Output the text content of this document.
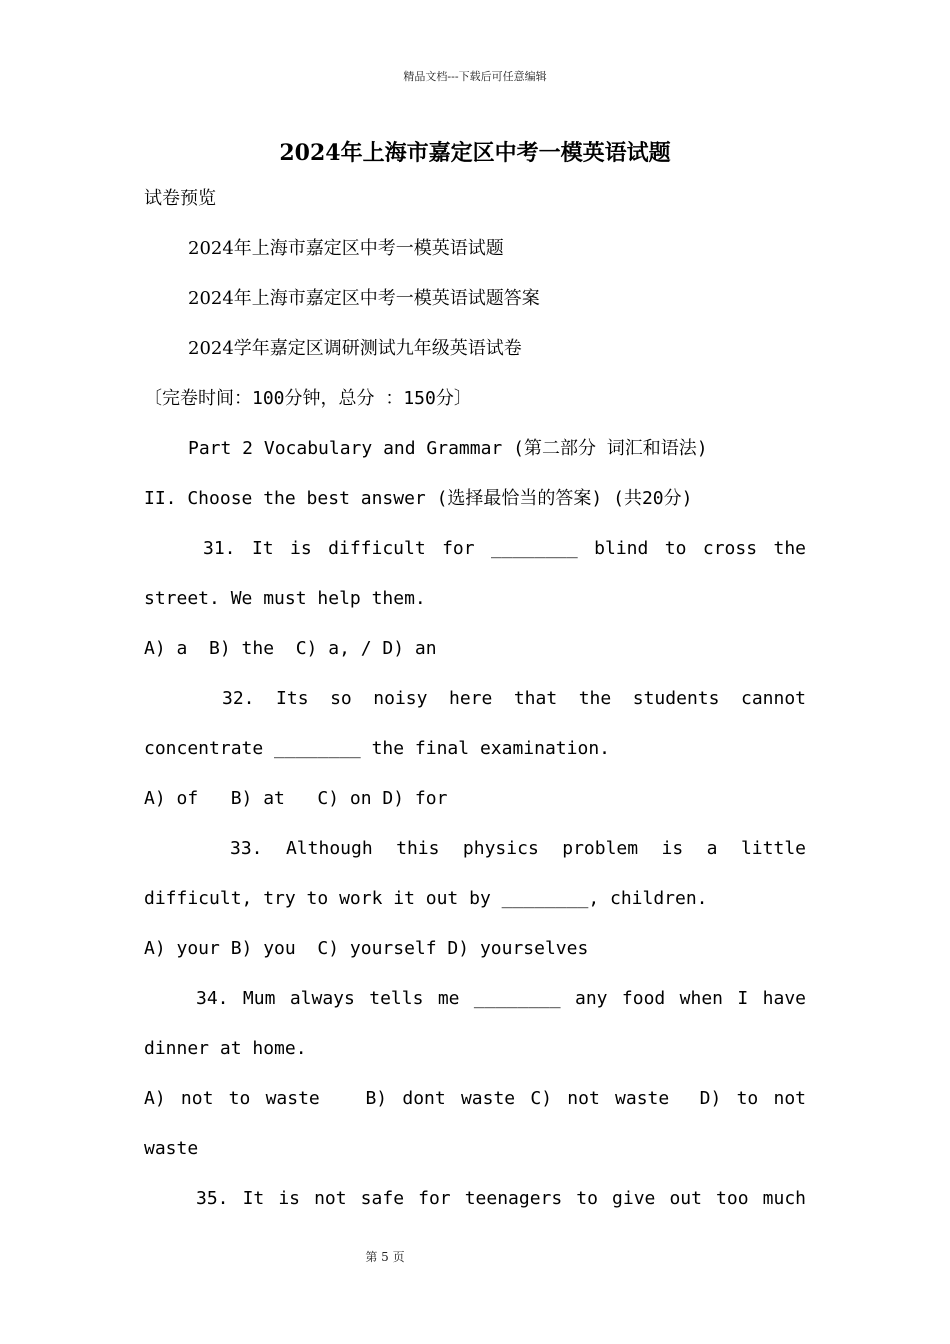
精品文档---下载后可任意编辑
2024年上海市嘉定区中考一模英语试题
试卷预览
2024年上海市嘉定区中考一模英语试题
2024年上海市嘉定区中考一模英语试题答案
2024学年嘉定区调研测试九年级英语试卷
〔完卷时间：100分钟，总分 ：150分〕
Part 2 Vocabulary and Grammar (第二部分 词汇和语法)
II. Choose the best answer (选择最恰当的答案) (共20分)
31. It is difficult for ________ blind to cross the
street. We must help them.
A) a  B) the  C) a, / D) an
32. Its so noisy here that the students cannot
concentrate ________ the final examination.
A) of   B) at   C) on D) for
33. Although this physics problem is a little
difficult, try to work it out by ________, children.
A) your B) you  C) yourself D) yourselves
34. Mum always tells me ________ any food when I have
dinner at home.
A) not to waste   B) dont waste C) not waste  D) to not
waste
35. It is not safe for teenagers to give out too much
第 5 页
